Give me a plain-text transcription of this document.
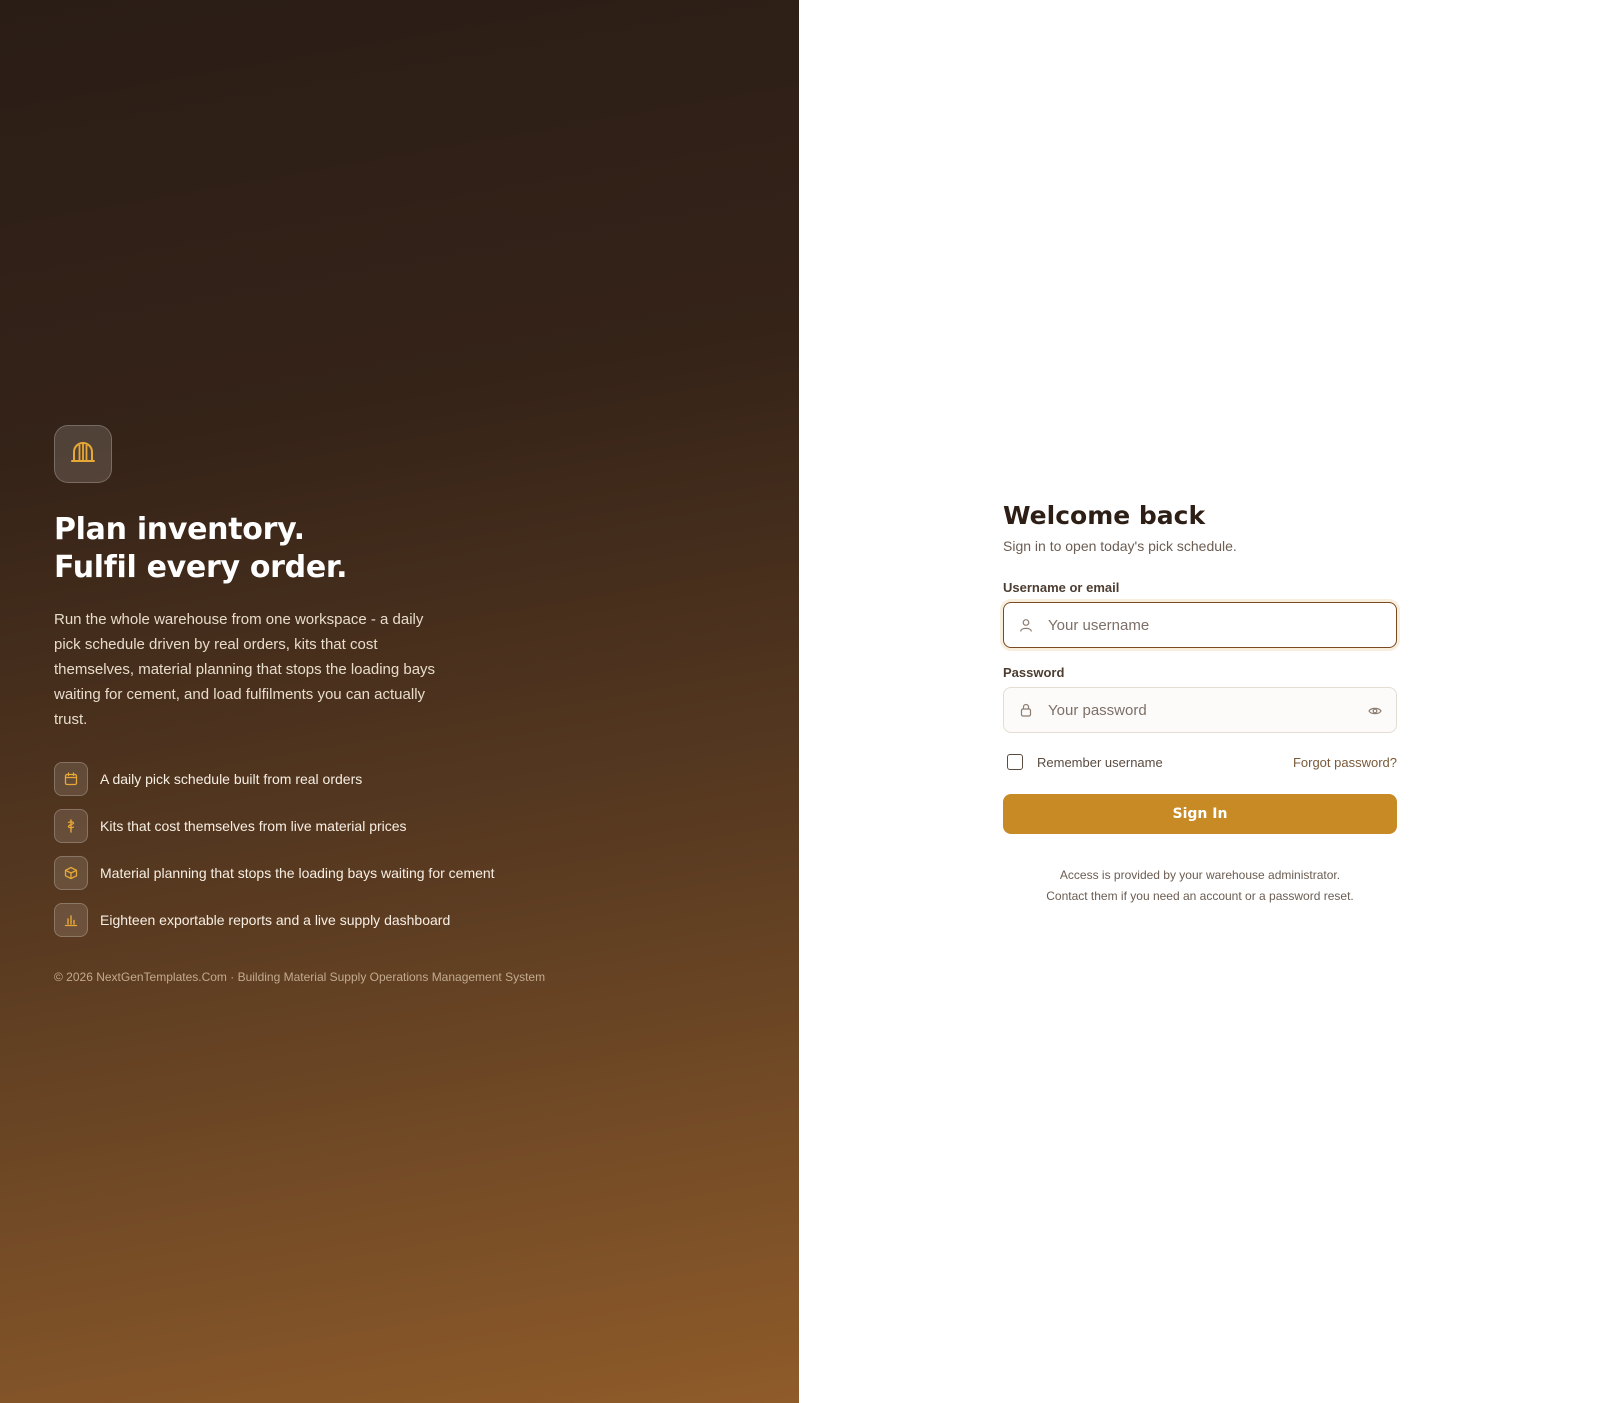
Plan inventory.
Fulfil every order.

Run the whole warehouse from one workspace - a daily pick schedule driven by real orders, kits that cost themselves, material planning that stops the loading bays waiting for cement, and load fulfilments you can actually trust.

A daily pick schedule built from real orders
Kits that cost themselves from live material prices
Material planning that stops the loading bays waiting for cement
Eighteen exportable reports and a live supply dashboard
© 2026 NextGenTemplates.Com · Building Material Supply Operations Management System
Welcome back

Sign in to open today's pick schedule.

Username or email
Your username
Password
Remember username	Forgot password?
Sign In
Access is provided by your warehouse administrator.
Contact them if you need an account or a password reset.
